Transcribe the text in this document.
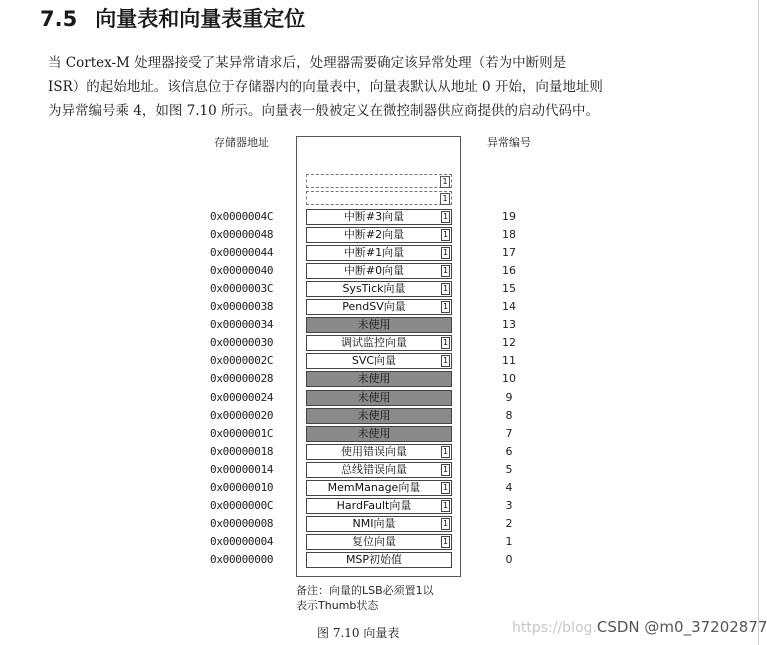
7.5 向量表和向量表重定位
当 Cortex-M 处理器接受了某异常请求后，处理器需要确定该异常处理（若为中断则是
ISR）的起始地址。该信息位于存储器内的向量表中，向量表默认从地址 0 开始，向量地址则
为异常编号乘 4，如图 7.10 所示。向量表一般被定义在微控制器供应商提供的启动代码中。
存储器地址	异常编号
1
1
0x0000004C	中断#3向量	1	19
0x00000048	中断#2向量	1	18
0x00000044	中断#1向量	1	17
0x00000040	中断#0向量	1	16
0x0000003C	SysTick向量	1	15
0x00000038	PendSV向量	1	14
0x00000034	未使用	13
0x00000030	调试监控向量	1	12
0x0000002C	SVC向量	1	11
0x00000028	未使用	10
0x00000024	未使用	9
0x00000020	未使用	8
0x0000001C	未使用	7
0x00000018	使用错误向量	1	6
0x00000014	总线错误向量	1	5
0x00000010	MemManage向量	1	4
0x0000000C	HardFault向量	1	3
0x00000008	NMI向量	1	2
0x00000004	复位向量	1	1
0x00000000	MSP初始值	0
备注：向量的LSB必须置1以
表示Thumb状态
图 7.10 向量表	https://blog.CSDN @m0_37202877
